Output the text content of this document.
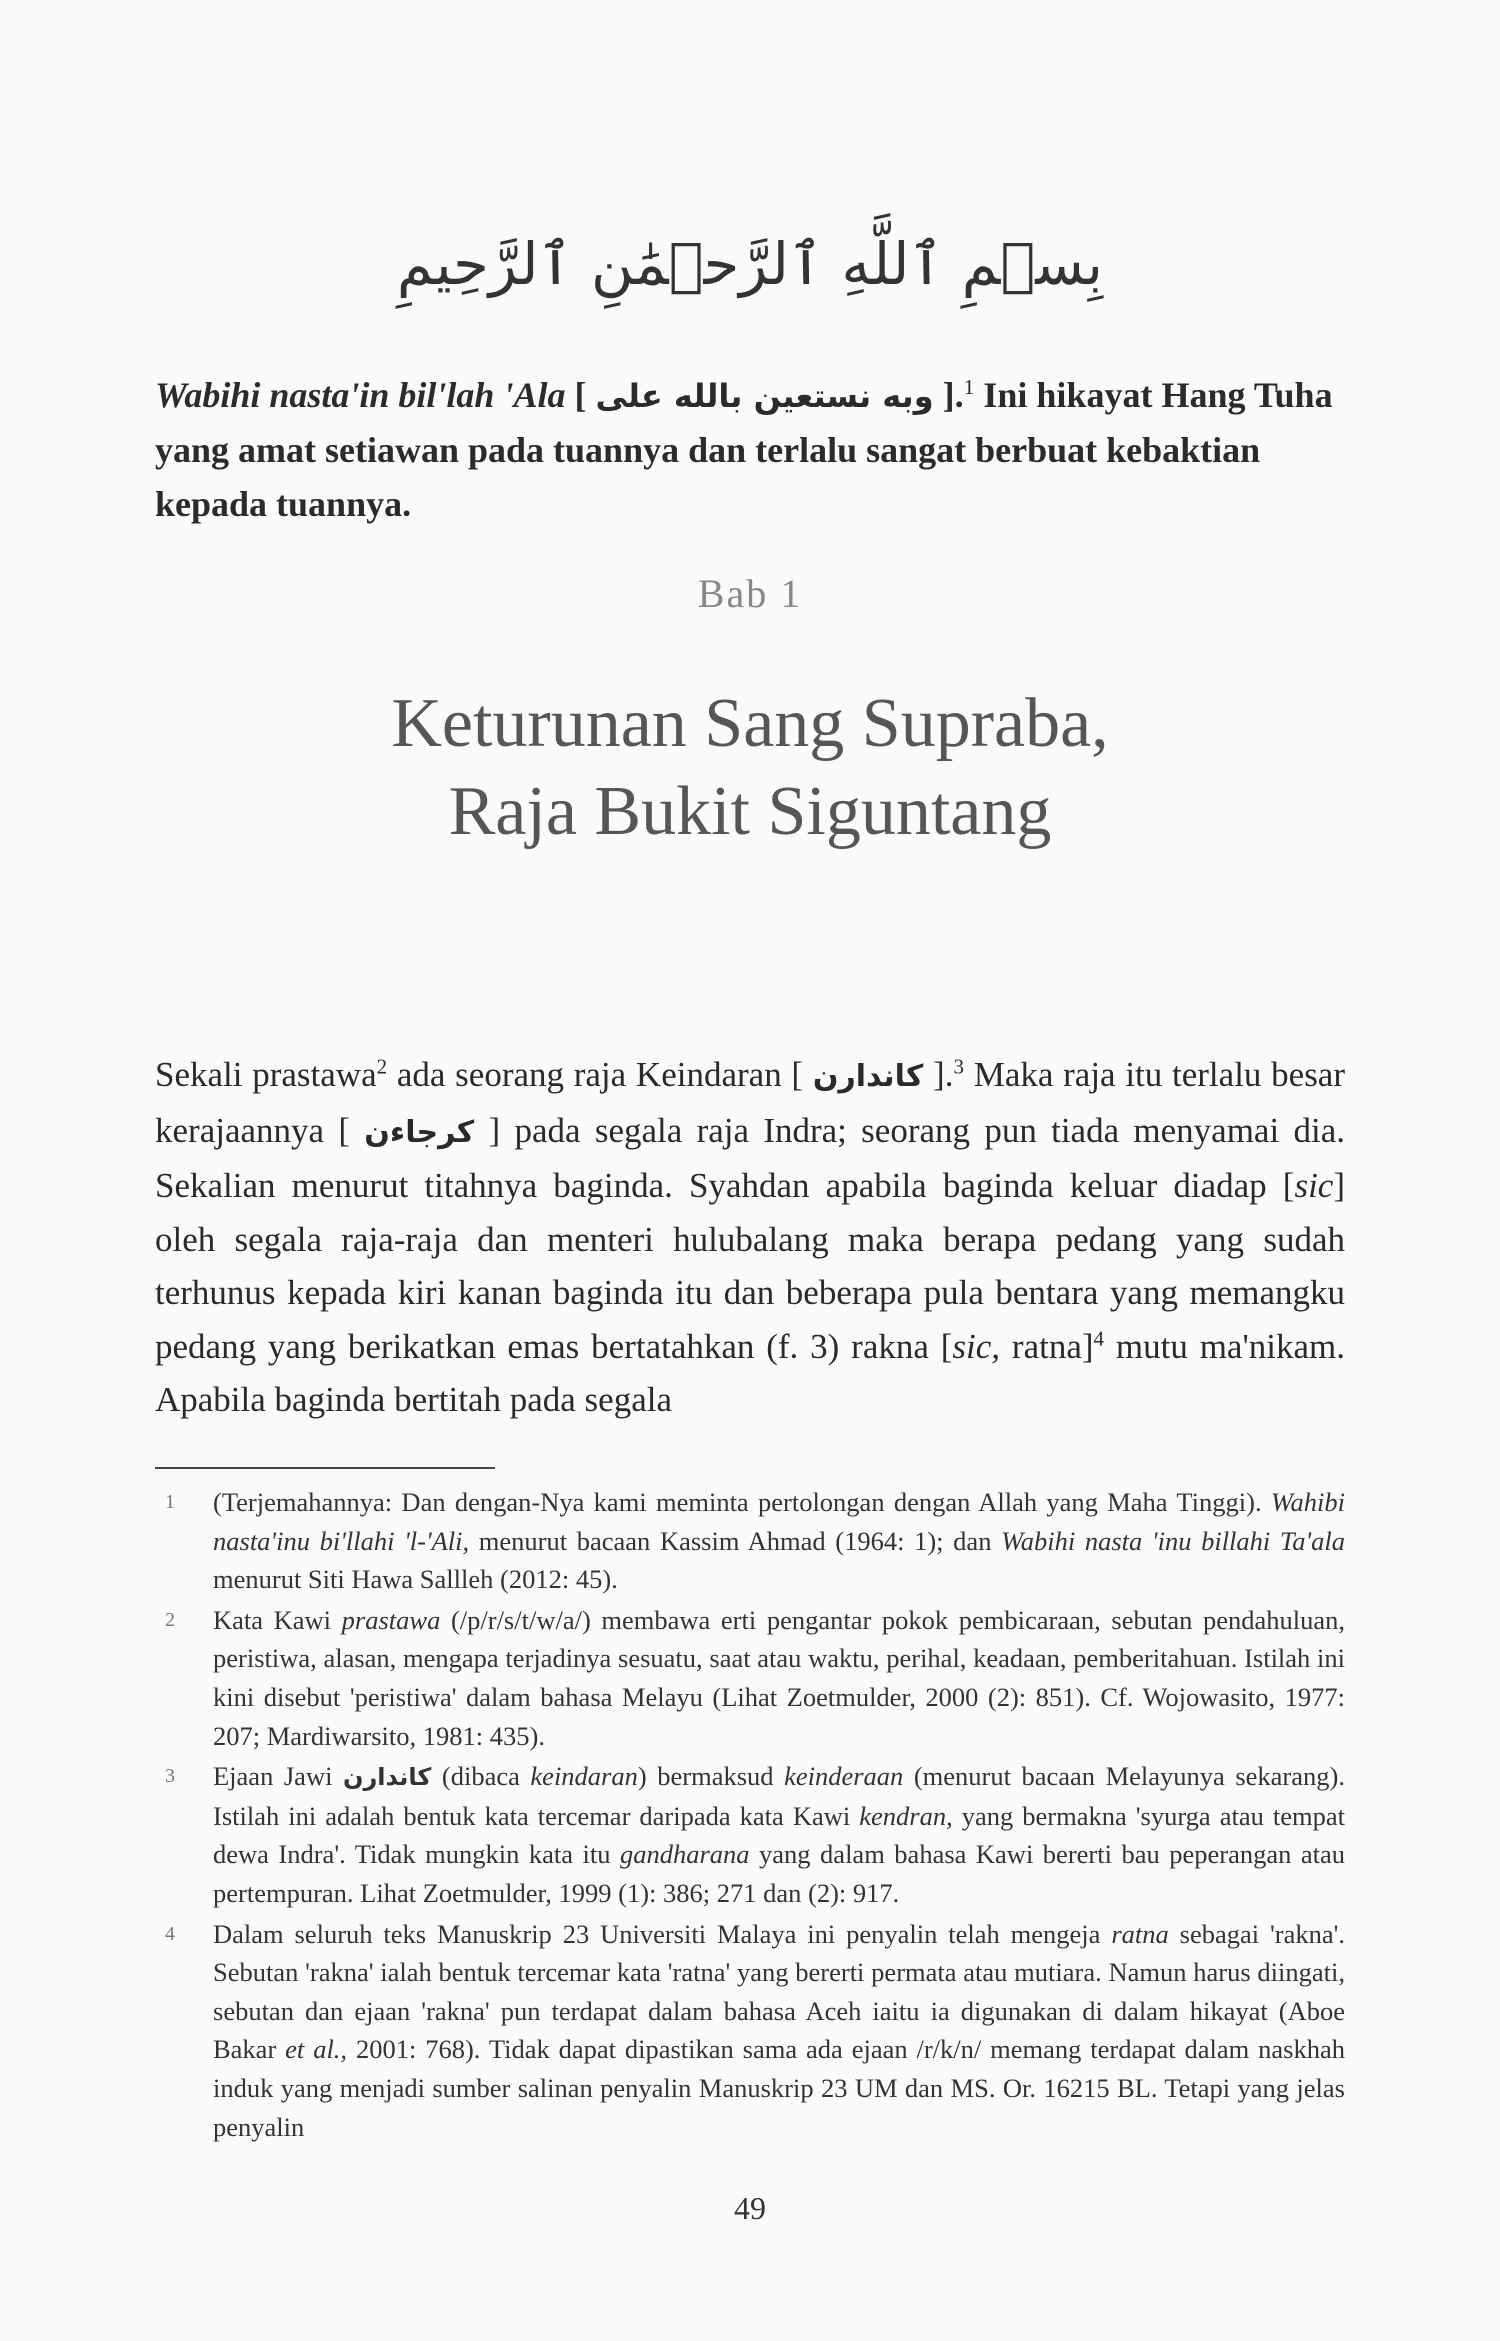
بِسۡمِ ٱللَّهِ ٱلرَّحۡمَٰنِ ٱلرَّحِيمِ
Wabihi nasta'in bil'lah 'Ala [ وبه نستعين بالله على ].$^1$ Ini hikayat Hang Tuha yang amat setiawan pada tuannya dan terlalu sangat berbuat kebaktian kepada tuannya.
Bab 1
Keturunan Sang Supraba,
Raja Bukit Siguntang
Sekali prastawa$^2$ ada seorang raja Keindaran [ كاندارن ].$^3$ Maka raja itu terlalu besar kerajaannya [ كرجاءن ] pada segala raja Indra; seorang pun tiada menyamai dia. Sekalian menurut titahnya baginda. Syahdan apabila baginda keluar diadap [sic] oleh segala raja-raja dan menteri hulubalang maka berapa pedang yang sudah terhunus kepada kiri kanan baginda itu dan beberapa pula bentara yang memangku pedang yang berikatkan emas bertatahkan (f. 3) rakna [sic, ratna]$^4$ mutu ma'nikam. Apabila baginda bertitah pada segala
1 (Terjemahannya: Dan dengan-Nya kami meminta pertolongan dengan Allah yang Maha Tinggi). Wahibi nasta'inu bi'llahi 'l-'Ali, menurut bacaan Kassim Ahmad (1964: 1); dan Wabihi nasta 'inu billahi Ta'ala menurut Siti Hawa Sallleh (2012: 45).
2 Kata Kawi prastawa (/p/r/s/t/w/a/) membawa erti pengantar pokok pembicaraan, sebutan pendahuluan, peristiwa, alasan, mengapa terjadinya sesuatu, saat atau waktu, perihal, keadaan, pemberitahuan. Istilah ini kini disebut 'peristiwa' dalam bahasa Melayu (Lihat Zoetmulder, 2000 (2): 851). Cf. Wojowasito, 1977: 207; Mardiwarsito, 1981: 435).
3 Ejaan Jawi كاندارن (dibaca keindaran) bermaksud keinderaan (menurut bacaan Melayunya sekarang). Istilah ini adalah bentuk kata tercemar daripada kata Kawi kendran, yang bermakna 'syurga atau tempat dewa Indra'. Tidak mungkin kata itu gandharana yang dalam bahasa Kawi bererti bau peperangan atau pertempuran. Lihat Zoetmulder, 1999 (1): 386; 271 dan (2): 917.
4 Dalam seluruh teks Manuskrip 23 Universiti Malaya ini penyalin telah mengeja ratna sebagai 'rakna'. Sebutan 'rakna' ialah bentuk tercemar kata 'ratna' yang bererti permata atau mutiara. Namun harus diingati, sebutan dan ejaan 'rakna' pun terdapat dalam bahasa Aceh iaitu ia digunakan di dalam hikayat (Aboe Bakar et al., 2001: 768). Tidak dapat dipastikan sama ada ejaan /r/k/n/ memang terdapat dalam naskhah induk yang menjadi sumber salinan penyalin Manuskrip 23 UM dan MS. Or. 16215 BL. Tetapi yang jelas penyalin
49
